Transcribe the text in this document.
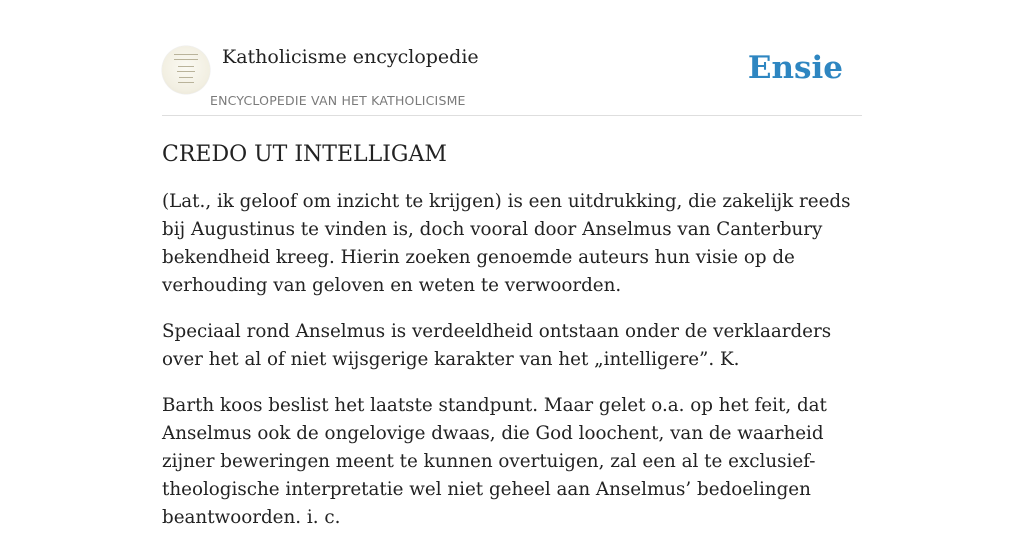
Katholicisme encyclopedie
ENCYCLOPEDIE VAN HET KATHOLICISME
Ensie
CREDO UT INTELLIGAM

(Lat., ik geloof om inzicht te krijgen) is een uitdrukking, die zakelijk reeds bij Augustinus te vinden is, doch vooral door Anselmus van Canterbury bekendheid kreeg. Hierin zoeken genoemde auteurs hun visie op de verhouding van geloven en weten te verwoorden.

Speciaal rond Anselmus is verdeeldheid ontstaan onder de verklaarders over het al of niet wijsgerige karakter van het „intelligere”. K.

Barth koos beslist het laatste standpunt. Maar gelet o.a. op het feit, dat Anselmus ook de ongelovige dwaas, die God loochent, van de waarheid zijner beweringen meent te kunnen overtuigen, zal een al te exclusief-theologische interpretatie wel niet geheel aan Anselmus’ bedoelingen beantwoorden. i. c.
